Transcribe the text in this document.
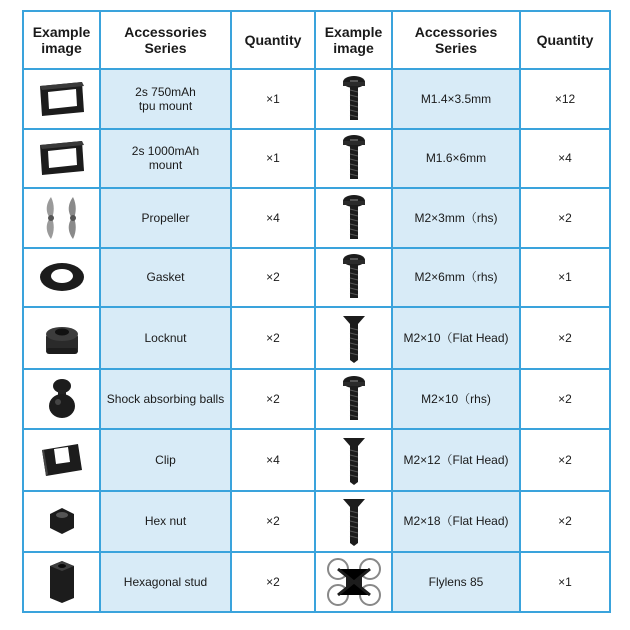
Example image	Accessories Series	Quantity	Example image	Accessories Series	Quantity

	2s 750mAh
tpu mount	×1		M1.4×3.5mm	×12

	2s 1000mAh
mount	×1		M1.6×6mm	×4

	Propeller	×4		M2×3mm（rhs)	×2

	Gasket	×2		M2×6mm（rhs)	×1

	Locknut	×2		M2×10（Flat Head)	×2

	Shock absorbing balls	×2		M2×10（rhs)	×2

	Clip	×4		M2×12（Flat Head)	×2

	Hex nut	×2		M2×18（Flat Head)	×2

	Hexagonal stud	×2		Flylens 85	×1
